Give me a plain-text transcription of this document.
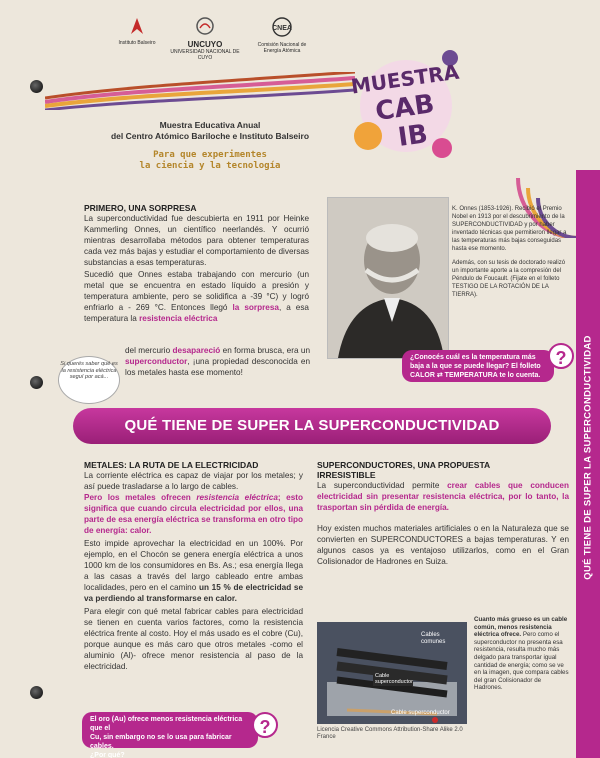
Instituto Balseiro	UNCUYO
UNIVERSIDAD NACIONAL DE CUYO
CNEA
Comisión Nacional de Energía Atómica
MUESTRA
CAB
IB
Muestra Educativa Anual
del Centro Atómico Bariloche e Instituto Balseiro
Para que experimentes
la ciencia y la tecnología
PRIMERO, UNA SORPRESA
La superconductividad fue descubierta en 1911 por Heinke Kammerling Onnes, un científico neerlandés. Y ocurrió mientras desarrollaba métodos para obtener temperaturas cada vez más bajas y estudiar el comportamiento de diversas substancias a esas temperaturas.
Sucedió que Onnes estaba trabajando con mercurio (un metal que se encuentra en estado líquido a presión y temperatura ambiente, pero se solidifica a -39 °C) y logró enfriarlo a - 269 °C. Entonces llegó la sorpresa, a esa temperatura la resistencia eléctrica
del mercurio desapareció en forma brusca, era un superconductor, ¡una propiedad desconocida en los metales hasta ese momento!
Si querés saber qué es la resistencia eléctrica seguí por acá...
K. Onnes (1853-1926). Recibió el Premio Nobel en 1913 por el descubrimiento de la SUPERCONDUCTIVIDAD y por haber inventado técnicas que permitieron llegar a las temperaturas más bajas conseguidas hasta ese momento.
Además, con su tesis de doctorado realizó un importante aporte a la compresión del Péndulo de Foucault. (Fijate en el folleto TESTIGO DE LA ROTACIÓN DE LA TIERRA).
¿Conocés cuál es la temperatura más
baja a la que se puede llegar? El folleto
CALOR ⇄ TEMPERATURA te lo cuenta.
?
QUÉ TIENE DE SUPER LA SUPERCONDUCTIVIDAD
METALES: LA RUTA DE LA ELECTRICIDAD
La corriente eléctrica es capaz de viajar por los metales; y así puede trasladarse a lo largo de cables.
Pero los metales ofrecen resistencia eléctrica; esto significa que cuando circula electricidad por ellos, una parte de esa energía eléctrica se transforma en otro tipo de energía: calor.
Esto impide aprovechar la electricidad en un 100%. Por ejemplo, en el Chocón se genera energía eléctrica a unos 1000 km de los consumidores en Bs. As.; esa energía llega a las casas a través del largo cableado entre ambas localidades, pero en el camino un 15 % de electricidad se va perdiendo al transformarse en calor.
Para elegir con qué metal fabricar cables para electricidad se tienen en cuenta varios factores, como la resistencia eléctrica frente al costo. Hoy el más usado es el cobre (Cu), porque aunque es más caro que otros metales -como el aluminio (Al)- ofrece menor resistencia al paso de la electricidad.
El oro (Au) ofrece menos resistencia eléctrica que el
Cu, sin embargo no se lo usa para fabricar cables.
¿Por qué?
?
SUPERCONDUCTORES, UNA PROPUESTA
IRRESISTIBLE
La superconductividad permite crear cables que conducen electricidad sin presentar resistencia eléctrica, por lo tanto, la trasportan sin pérdida de energía.
Hoy existen muchos materiales artificiales o en la Naturaleza que se convierten en SUPERCONDUCTORES a bajas temperaturas. Y en algunos casos ya es ventajoso utilizarlos, como en el Gran Colisionador de Hadrones en Suiza.
Cables comunes
Cable superconductor
Cable superconductor
Licencia Creative Commons Attribution-Share Alike 2.0 France
Cuanto más grueso es un cable común, menos resistencia eléctrica ofrece. Pero como el superconductor no presenta esa resistencia, resulta mucho más delgado para transportar igual cantidad de energía; como se ve en la imagen, que compara cables del gran Colisionador de Hadrones.
QUÉ TIENE DE SUPER LA SUPERCONDUCTIVIDAD
